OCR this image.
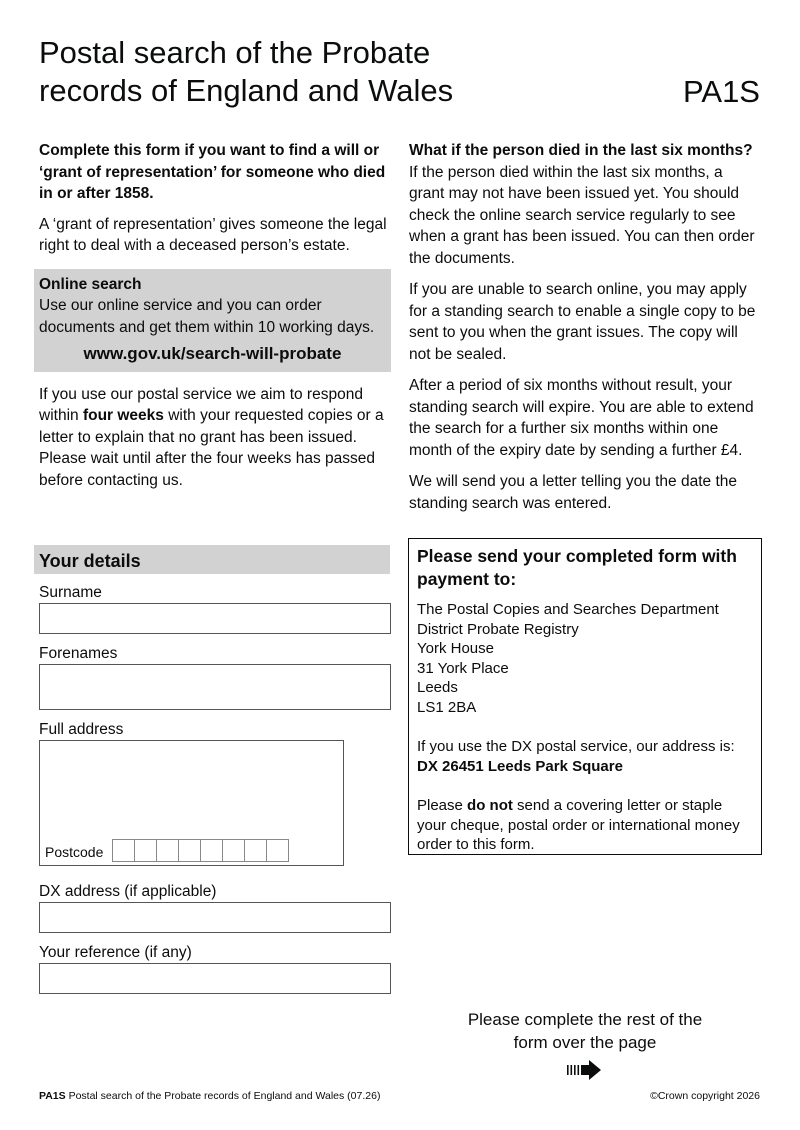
Postal search of the Probate
records of England and Wales	PA1S

Complete this form if you want to find a will or ‘grant of representation’ for someone who died in or after 1858.

A ‘grant of representation’ gives someone the legal right to deal with a deceased person’s estate.

Online search

Use our online service and you can order documents and get them within 10 working days.

www.gov.uk/search-will-probate

If you use our postal service we aim to respond within four weeks with your requested copies or a letter to explain that no grant has been issued. Please wait until after the four weeks has passed before contacting us.

What if the person died in the last six months?

If the person died within the last six months, a grant may not have been issued yet. You should check the online search service regularly to see when a grant has been issued. You can then order the documents.

If you are unable to search online, you may apply for a standing search to enable a single copy to be sent to you when the grant issues. The copy will not be sealed.

After a period of six months without result, your standing search will expire. You are able to extend the search for a further six months within one month of the expiry date by sending a further £4.

We will send you a letter telling you the date the standing search was entered.

Your details
Surname
Forenames
Full address
Postcode
DX address (if applicable)
Your reference (if any)
Please send your completed form with payment to:

The Postal Copies and Searches Department

District Probate Registry

York House

31 York Place

Leeds

LS1 2BA

If you use the DX postal service, our address is:  DX 26451 Leeds Park Square

Please do not send a covering letter or staple your cheque, postal order or international money order to this form.

Please complete the rest of the
form over the page
PA1S Postal search of the Probate records of England and Wales (07.26)	©Crown copyright 2026
